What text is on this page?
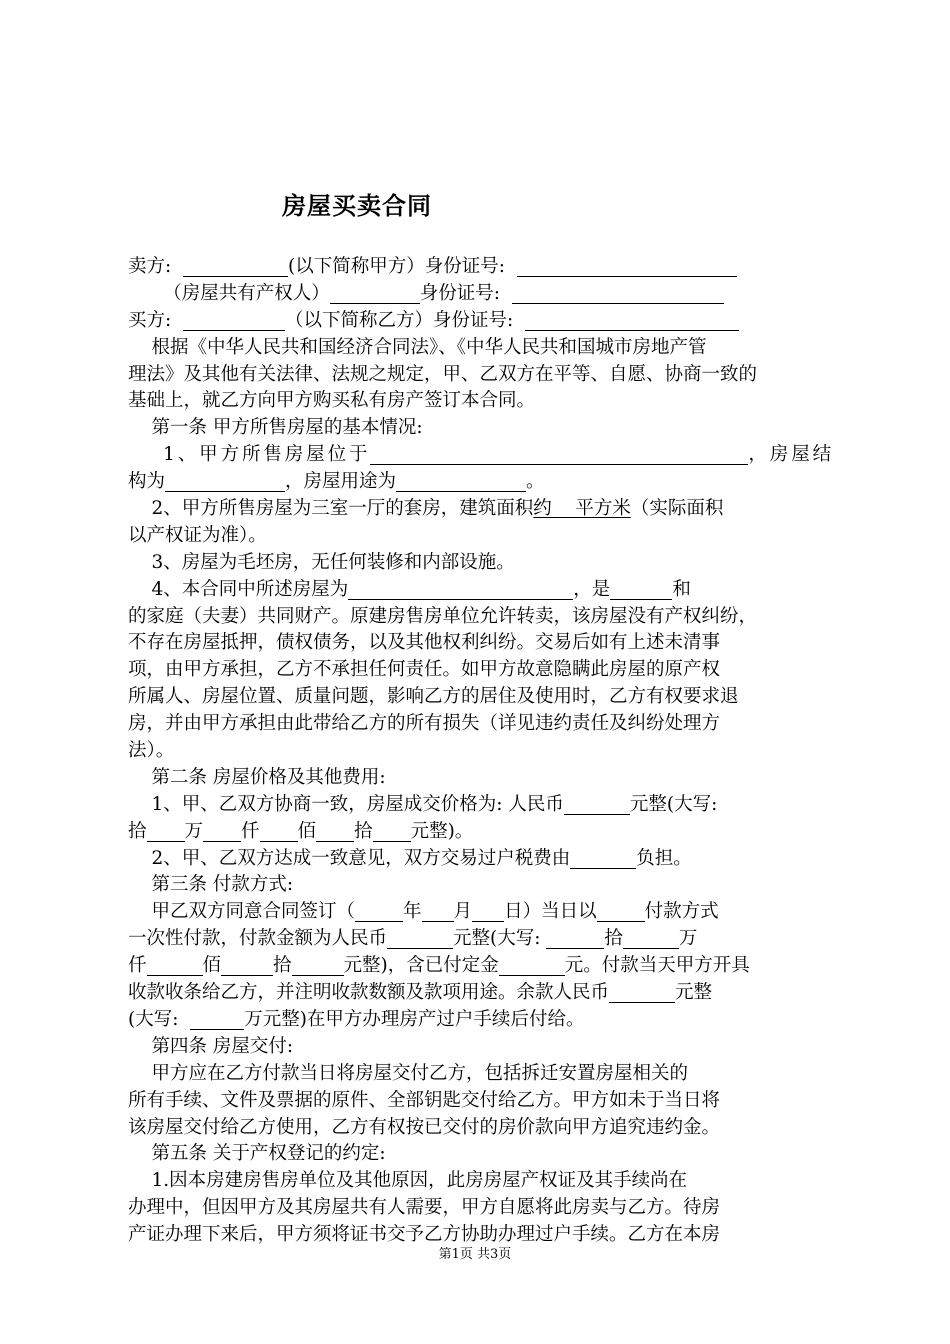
房屋买卖合同
卖方:	(以下简称甲方）身份证号:
（房屋共有产权人）	身份证号:
买方:	（以下简称乙方）身份证号:
根据《中华人民共和国经济合同法》、《中华人民共和国城市房地产管
理法》及其他有关法律、法规之规定，甲、乙双方在平等、自愿、协商一致的
基础上，就乙方向甲方购买私有房产签订本合同。
第一条 甲方所售房屋的基本情况:
1、甲方所售房屋位于	，房屋结
构为	，房屋用途为	。
2、甲方所售房屋为三室一厅的套房，建筑面积约    平方米（实际面积
以产权证为准）。
3、房屋为毛坯房，无任何装修和内部设施。
4、本合同中所述房屋为	，是	和
的家庭（夫妻）共同财产。原建房售房单位允许转卖，该房屋没有产权纠纷，
不存在房屋抵押，债权债务，以及其他权利纠纷。交易后如有上述未清事
项，由甲方承担，乙方不承担任何责任。如甲方故意隐瞒此房屋的原产权
所属人、房屋位置、质量问题，影响乙方的居住及使用时，乙方有权要求退
房，并由甲方承担由此带给乙方的所有损失（详见违约责任及纠纷处理方
法）。
第二条 房屋价格及其他费用:
1、甲、乙双方协商一致，房屋成交价格为: 人民币	元整(大写:
拾 万 仟 佰 拾 元整)。
2、甲、乙双方达成一致意见，双方交易过户税费由	负担。
第三条 付款方式:
甲乙双方同意合同签订（	年 月 日）当日以	付款方式
一次性付款，付款金额为人民币	元整(大写:	拾	万
仟	佰	拾	元整)，含已付定金	元。付款当天甲方开具
收款收条给乙方，并注明收款数额及款项用途。余款人民币	元整
(大写:	万元整)在甲方办理房产过户手续后付给。
第四条 房屋交付:
甲方应在乙方付款当日将房屋交付乙方，包括拆迁安置房屋相关的
所有手续、文件及票据的原件、全部钥匙交付给乙方。甲方如未于当日将
该房屋交付给乙方使用，乙方有权按已交付的房价款向甲方追究违约金。
第五条 关于产权登记的约定:
1.因本房建房售房单位及其他原因，此房房屋产权证及其手续尚在
办理中，但因甲方及其房屋共有人需要，甲方自愿将此房卖与乙方。待房
产证办理下来后，甲方须将证书交予乙方协助办理过户手续。乙方在本房
第1页 共3页
